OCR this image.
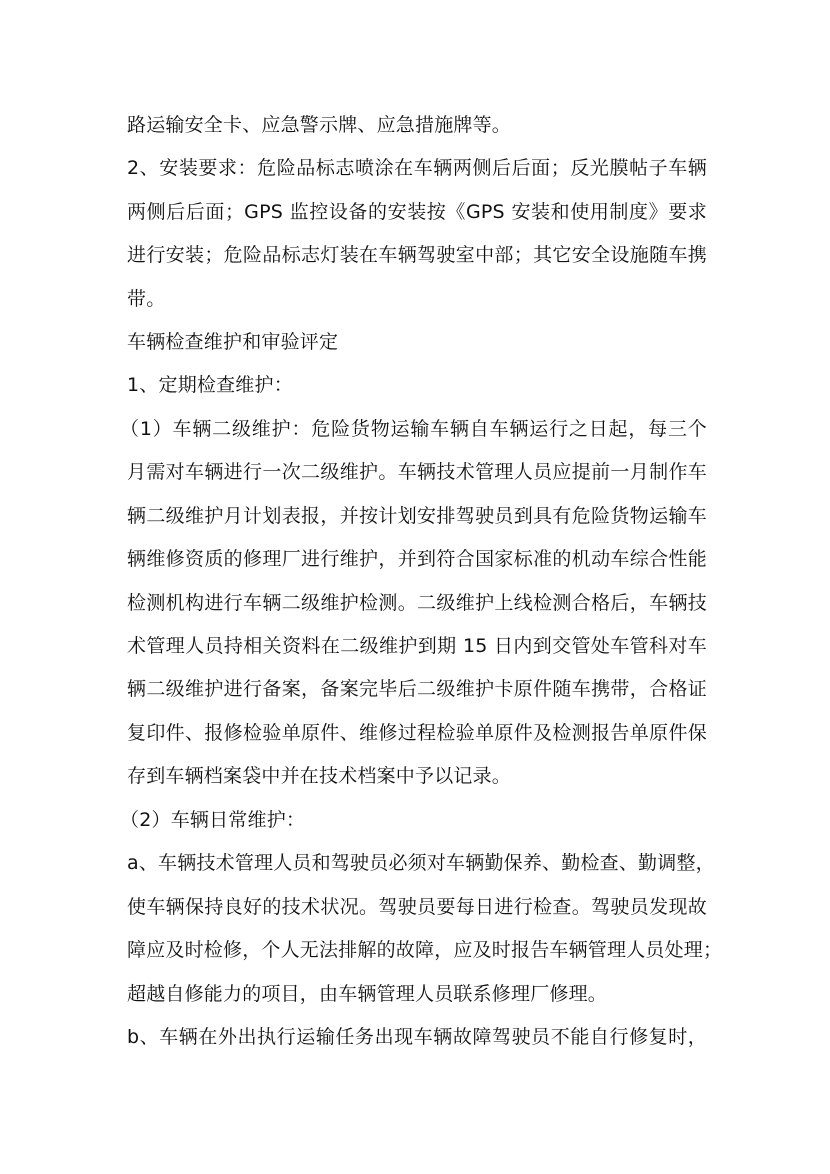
路运输安全卡、应急警示牌、应急措施牌等。
2、安装要求：危险品标志喷涂在车辆两侧后后面；反光膜帖子车辆
两侧后后面；GPS 监控设备的安装按《GPS 安装和使用制度》要求
进行安装；危险品标志灯装在车辆驾驶室中部；其它安全设施随车携
带。
车辆检查维护和审验评定
1、定期检查维护：
（1）车辆二级维护：危险货物运输车辆自车辆运行之日起，每三个
月需对车辆进行一次二级维护。车辆技术管理人员应提前一月制作车
辆二级维护月计划表报，并按计划安排驾驶员到具有危险货物运输车
辆维修资质的修理厂进行维护，并到符合国家标准的机动车综合性能
检测机构进行车辆二级维护检测。二级维护上线检测合格后，车辆技
术管理人员持相关资料在二级维护到期 15 日内到交管处车管科对车
辆二级维护进行备案，备案完毕后二级维护卡原件随车携带，合格证
复印件、报修检验单原件、维修过程检验单原件及检测报告单原件保
存到车辆档案袋中并在技术档案中予以记录。
（2）车辆日常维护：
a、车辆技术管理人员和驾驶员必须对车辆勤保养、勤检查、勤调整，
使车辆保持良好的技术状况。驾驶员要每日进行检查。驾驶员发现故
障应及时检修，个人无法排解的故障，应及时报告车辆管理人员处理；
超越自修能力的项目，由车辆管理人员联系修理厂修理。
b、车辆在外出执行运输任务出现车辆故障驾驶员不能自行修复时，
